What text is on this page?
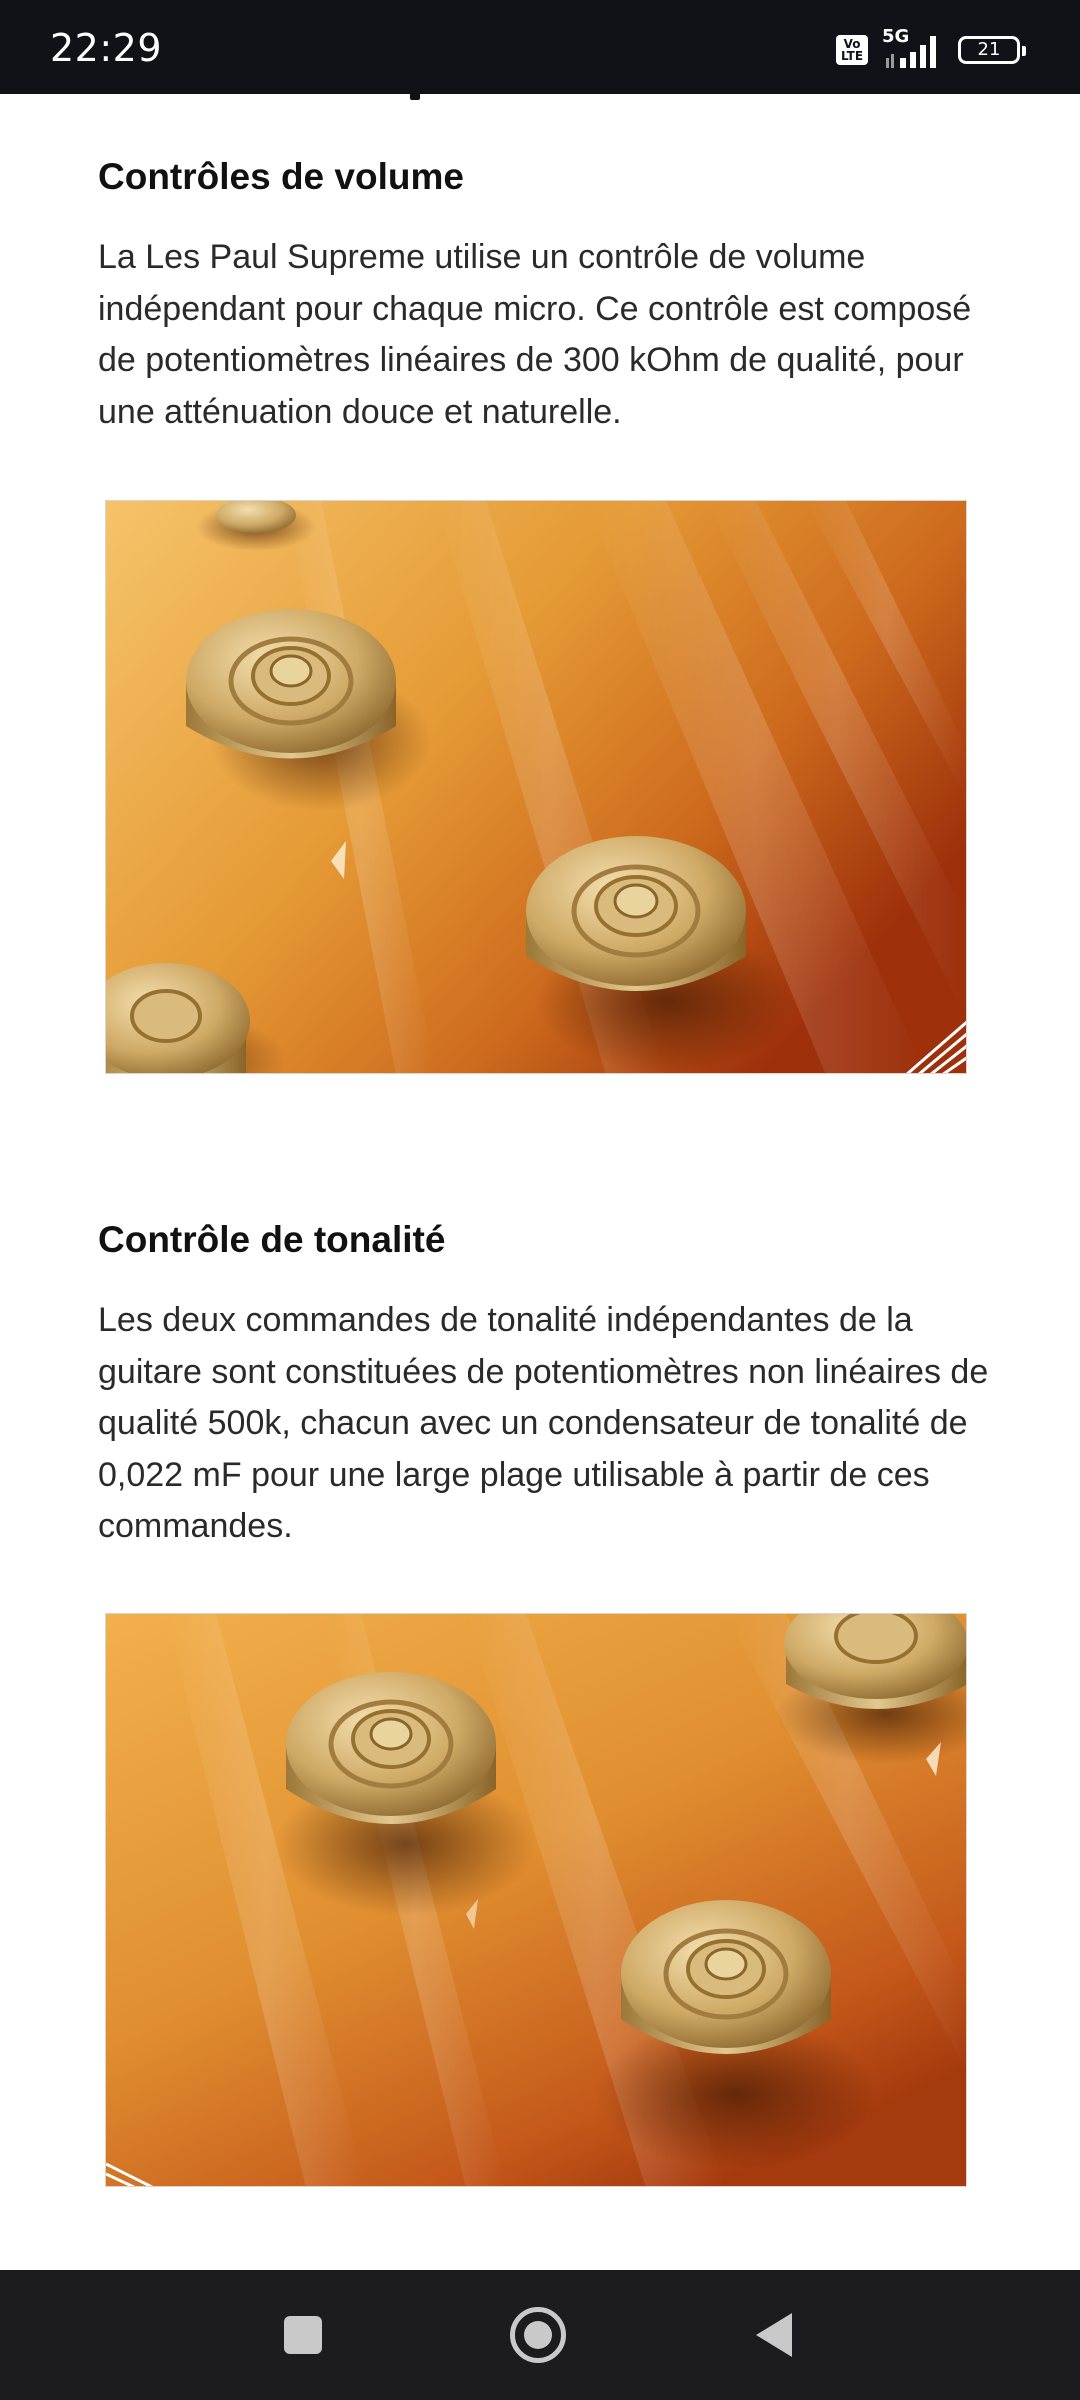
22:29	Vo
LTE
5G
21
Contrôles de volume

La Les Paul Supreme utilise un contrôle de volume indépendant pour chaque micro. Ce contrôle est composé de potentiomètres linéaires de 300 kOhm de qualité, pour une atténuation douce et naturelle.

Contrôle de tonalité

Les deux commandes de tonalité indépendantes de la guitare sont constituées de potentiomètres non linéaires de qualité 500k, chacun avec un condensateur de tonalité de 0,022 mF pour une large plage utilisable à partir de ces commandes.
